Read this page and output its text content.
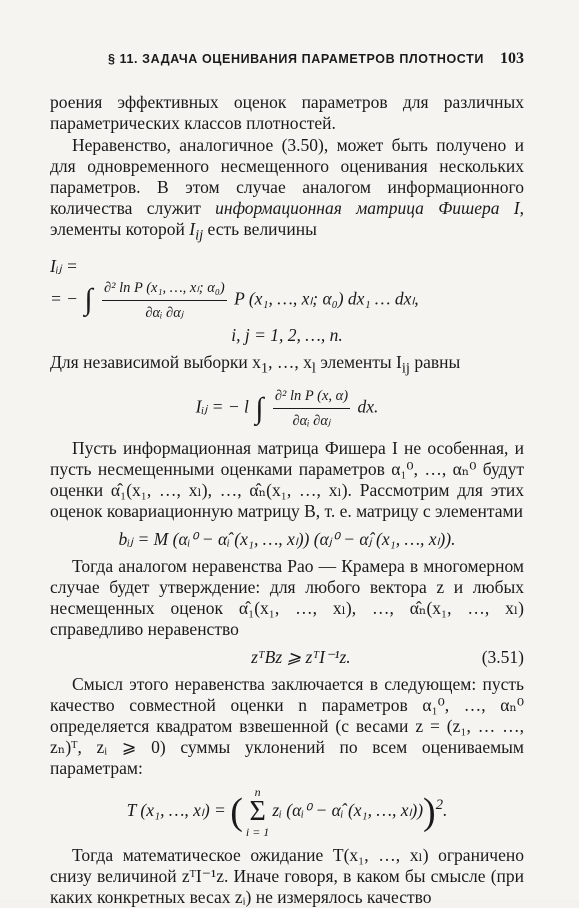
§ 11. ЗАДАЧА ОЦЕНИВАНИЯ ПАРАМЕТРОВ ПЛОТНОСТИ 103

роения эффективных оценок параметров для различных параметрических классов плотностей.

Неравенство, аналогичное (3.50), может быть получено и для одновременного несмещенного оценивания нескольких параметров. В этом случае аналогом информационного количества служит информационная матрица Фишера I, элементы которой $I_{ij}$ есть величины

Iᵢⱼ =
= − ∫ $\frac{\text{∂² ln P (x₁, …, xₗ; α₀)}}{\text{∂αᵢ ∂αⱼ}}$ P (x₁, …, xₗ; α₀) dx₁ … dxₗ,
i, j = 1, 2, …, n.

Для независимой выборки $x_1$, …, $x_l$ элементы $I_{ij}$ равны

Iᵢⱼ = − l ∫ $\frac{\text{∂² ln P (x, α)}}{\text{∂αᵢ ∂αⱼ}}$ dx.

Пусть информационная матрица Фишера I не особенная, и пусть несмещенными оценками параметров α₁⁰, …, αₙ⁰ будут оценки α̂₁(x₁, …, xₗ), …, α̂ₙ(x₁, …, xₗ). Рассмотрим для этих оценок ковариационную матрицу B, т. е. матрицу с элементами

bᵢⱼ = M (αᵢ⁰ − α̂ᵢ (x₁, …, xₗ)) (αⱼ⁰ − α̂ⱼ (x₁, …, xₗ)).

Тогда аналогом неравенства Рао — Крамера в многомерном случае будет утверждение: для любого вектора z и любых несмещенных оценок α̂₁(x₁, …, xₗ), …, α̂ₙ(x₁, …, xₗ) справедливо неравенство

zᵀBz ⩾ zᵀI⁻¹z.	(3.51)

Смысл этого неравенства заключается в следующем: пусть качество совместной оценки n параметров α₁⁰, …, αₙ⁰ определяется квадратом взвешенной (с весами z = (z₁, … …, zₙ)ᵀ, zᵢ ⩾ 0) суммы уклонений по всем оцениваемым параметрам:

T (x₁, …, xₗ) = ( n
Σ
i = 1
zᵢ (αᵢ⁰ − α̂ᵢ (x₁, …, xₗ)))$^2$.

Тогда математическое ожидание T(x₁, …, xₗ) ограничено снизу величиной zᵀI⁻¹z. Иначе говоря, в каком бы смысле (при каких конкретных весах zᵢ) не измерялось качество
